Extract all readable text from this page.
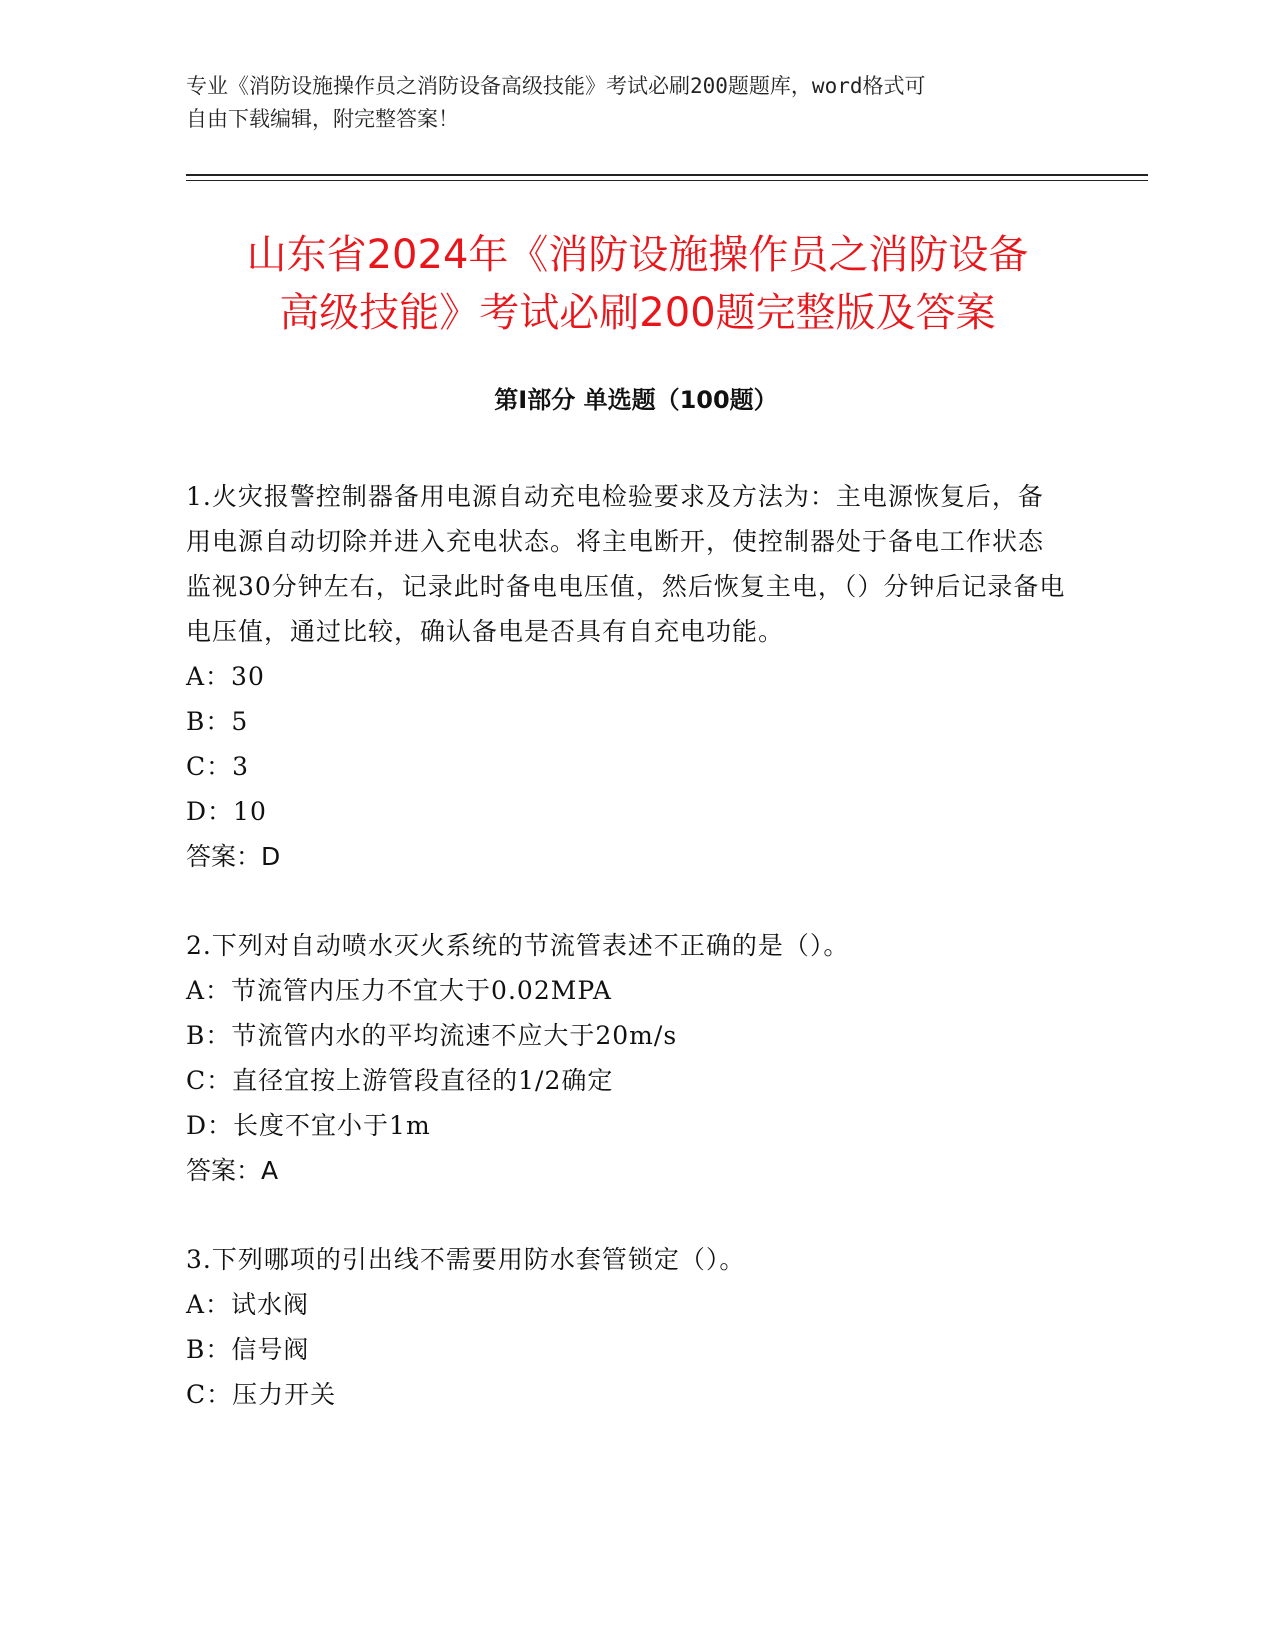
专业《消防设施操作员之消防设备高级技能》考试必刷200题题库，word格式可
自由下载编辑，附完整答案！
山东省2024年《消防设施操作员之消防设备
高级技能》考试必刷200题完整版及答案
第Ⅰ部分 单选题（100题）

1.火灾报警控制器备用电源自动充电检验要求及方法为：主电源恢复后，备用电源自动切除并进入充电状态。将主电断开，使控制器处于备电工作状态监视30分钟左右，记录此时备电电压值，然后恢复主电，（）分钟后记录备电电压值，通过比较，确认备电是否具有自充电功能。

A：30

B：5

C：3

D：10

答案：D

2.下列对自动喷水灭火系统的节流管表述不正确的是（）。

A：节流管内压力不宜大于0.02MPA

B：节流管内水的平均流速不应大于20m/s

C：直径宜按上游管段直径的1/2确定

D：长度不宜小于1m

答案：A

3.下列哪项的引出线不需要用防水套管锁定（）。

A：试水阀

B：信号阀

C：压力开关
